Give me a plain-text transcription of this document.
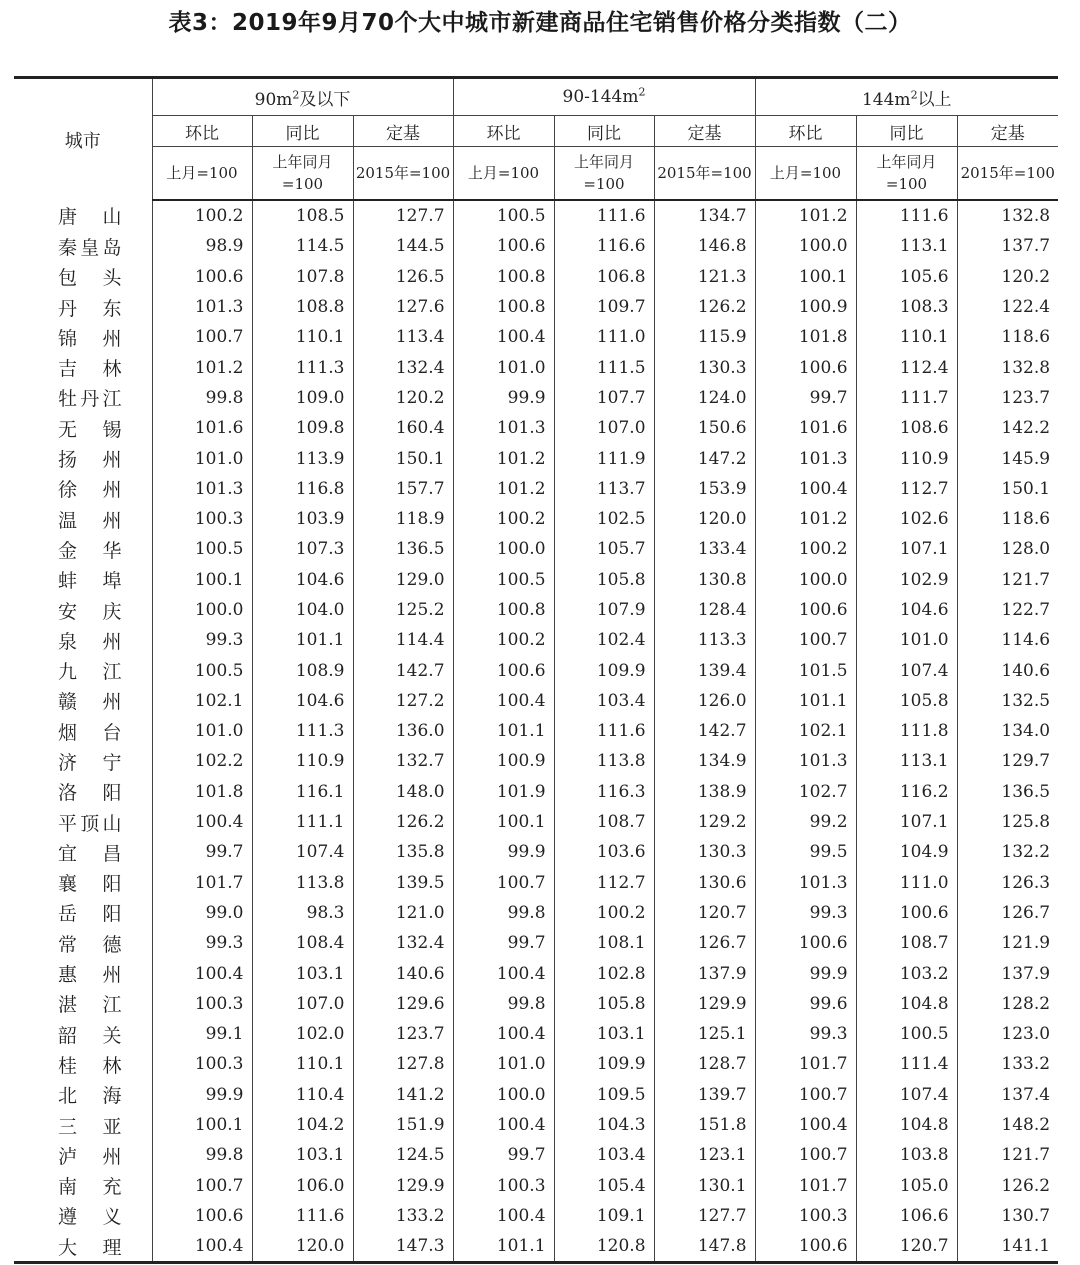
表3：2019年9月70个大中城市新建商品住宅销售价格分类指数（二）
城市	$90m^2$及以下			$90-144m^2$			$144m^2$以上		
	环比	同比	定基	环比	同比	定基	环比	同比	定基
	上月=100	上年同月=100	2015年=100	上月=100	上年同月=100	2015年=100	上月=100	上年同月=100	2015年=100
唐山	100.2	108.5	127.7	100.5	111.6	134.7	101.2	111.6	132.8
秦皇岛	98.9	114.5	144.5	100.6	116.6	146.8	100.0	113.1	137.7
包头	100.6	107.8	126.5	100.8	106.8	121.3	100.1	105.6	120.2
丹东	101.3	108.8	127.6	100.8	109.7	126.2	100.9	108.3	122.4
锦州	100.7	110.1	113.4	100.4	111.0	115.9	101.8	110.1	118.6
吉林	101.2	111.3	132.4	101.0	111.5	130.3	100.6	112.4	132.8
牡丹江	99.8	109.0	120.2	99.9	107.7	124.0	99.7	111.7	123.7
无锡	101.6	109.8	160.4	101.3	107.0	150.6	101.6	108.6	142.2
扬州	101.0	113.9	150.1	101.2	111.9	147.2	101.3	110.9	145.9
徐州	101.3	116.8	157.7	101.2	113.7	153.9	100.4	112.7	150.1
温州	100.3	103.9	118.9	100.2	102.5	120.0	101.2	102.6	118.6
金华	100.5	107.3	136.5	100.0	105.7	133.4	100.2	107.1	128.0
蚌埠	100.1	104.6	129.0	100.5	105.8	130.8	100.0	102.9	121.7
安庆	100.0	104.0	125.2	100.8	107.9	128.4	100.6	104.6	122.7
泉州	99.3	101.1	114.4	100.2	102.4	113.3	100.7	101.0	114.6
九江	100.5	108.9	142.7	100.6	109.9	139.4	101.5	107.4	140.6
赣州	102.1	104.6	127.2	100.4	103.4	126.0	101.1	105.8	132.5
烟台	101.0	111.3	136.0	101.1	111.6	142.7	102.1	111.8	134.0
济宁	102.2	110.9	132.7	100.9	113.8	134.9	101.3	113.1	129.7
洛阳	101.8	116.1	148.0	101.9	116.3	138.9	102.7	116.2	136.5
平顶山	100.4	111.1	126.2	100.1	108.7	129.2	99.2	107.1	125.8
宜昌	99.7	107.4	135.8	99.9	103.6	130.3	99.5	104.9	132.2
襄阳	101.7	113.8	139.5	100.7	112.7	130.6	101.3	111.0	126.3
岳阳	99.0	98.3	121.0	99.8	100.2	120.7	99.3	100.6	126.7
常德	99.3	108.4	132.4	99.7	108.1	126.7	100.6	108.7	121.9
惠州	100.4	103.1	140.6	100.4	102.8	137.9	99.9	103.2	137.9
湛江	100.3	107.0	129.6	99.8	105.8	129.9	99.6	104.8	128.2
韶关	99.1	102.0	123.7	100.4	103.1	125.1	99.3	100.5	123.0
桂林	100.3	110.1	127.8	101.0	109.9	128.7	101.7	111.4	133.2
北海	99.9	110.4	141.2	100.0	109.5	139.7	100.7	107.4	137.4
三亚	100.1	104.2	151.9	100.4	104.3	151.8	100.4	104.8	148.2
泸州	99.8	103.1	124.5	99.7	103.4	123.1	100.7	103.8	121.7
南充	100.7	106.0	129.9	100.3	105.4	130.1	101.7	105.0	126.2
遵义	100.6	111.6	133.2	100.4	109.1	127.7	100.3	106.6	130.7
大理	100.4	120.0	147.3	101.1	120.8	147.8	100.6	120.7	141.1
